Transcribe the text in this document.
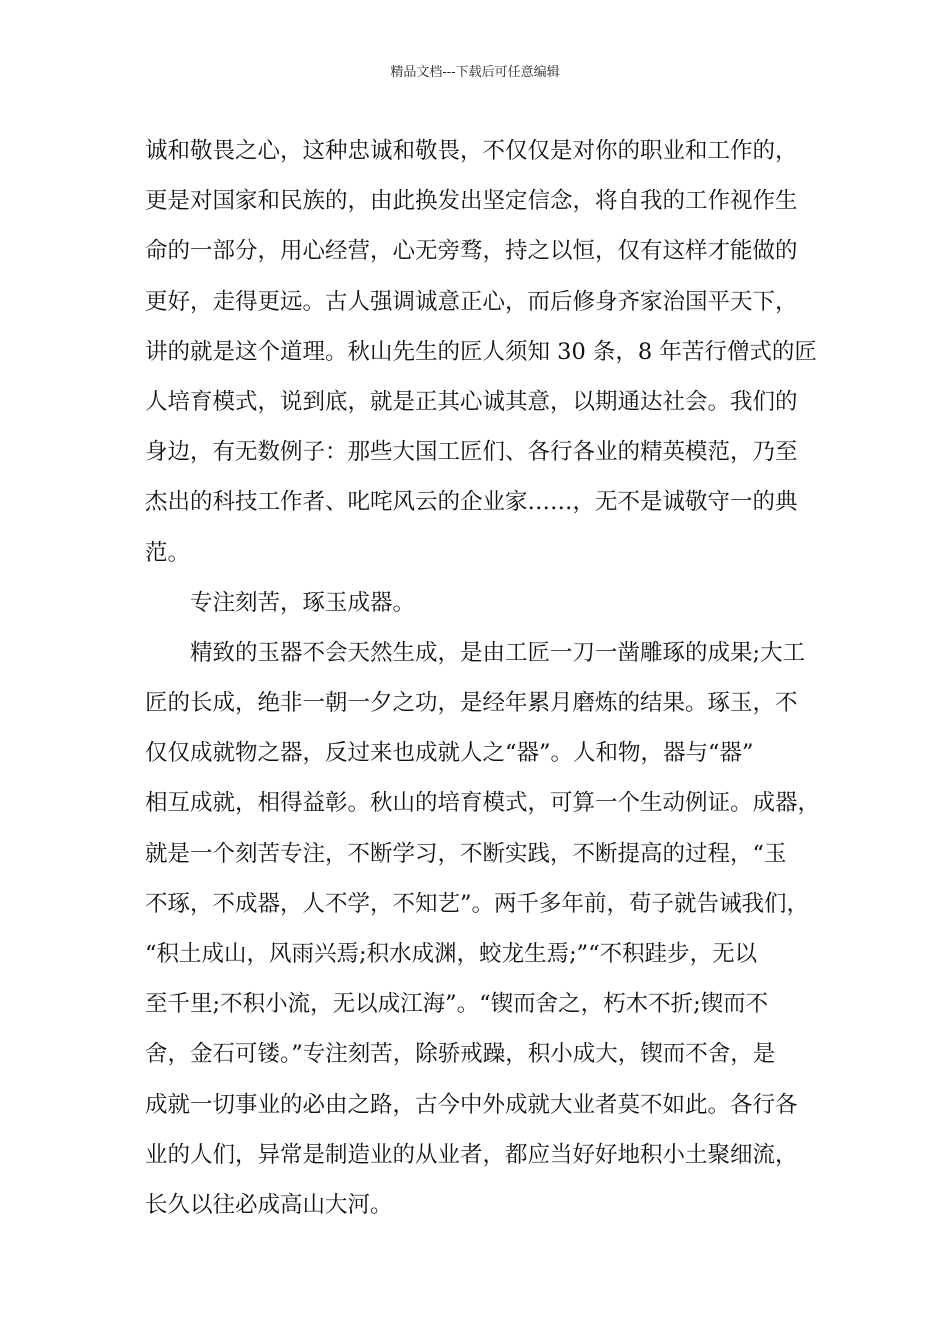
精品文档---下载后可任意编辑
诚和敬畏之心，这种忠诚和敬畏，不仅仅是对你的职业和工作的，
更是对国家和民族的，由此换发出坚定信念，将自我的工作视作生
命的一部分，用心经营，心无旁骛，持之以恒，仅有这样才能做的
更好，走得更远。古人强调诚意正心，而后修身齐家治国平天下，
讲的就是这个道理。秋山先生的匠人须知 30 条，8 年苦行僧式的匠
人培育模式，说到底，就是正其心诚其意，以期通达社会。我们的
身边，有无数例子：那些大国工匠们、各行各业的精英模范，乃至
杰出的科技工作者、叱咤风云的企业家……，无不是诚敬守一的典
范。
专注刻苦，琢玉成器。
精致的玉器不会天然生成，是由工匠一刀一凿雕琢的成果;大工
匠的长成，绝非一朝一夕之功，是经年累月磨炼的结果。琢玉，不
仅仅成就物之器，反过来也成就人之“器”。人和物，器与“器”
相互成就，相得益彰。秋山的培育模式，可算一个生动例证。成器，
就是一个刻苦专注，不断学习，不断实践，不断提高的过程，“玉
不琢，不成器，人不学，不知艺”。两千多年前，荀子就告诫我们，
“积土成山，风雨兴焉;积水成渊，蛟龙生焉;”“不积跬步，无以
至千里;不积小流，无以成江海”。“锲而舍之，朽木不折;锲而不
舍，金石可镂。”专注刻苦，除骄戒躁，积小成大，锲而不舍，是
成就一切事业的必由之路，古今中外成就大业者莫不如此。各行各
业的人们，异常是制造业的从业者，都应当好好地积小土聚细流，
长久以往必成高山大河。
